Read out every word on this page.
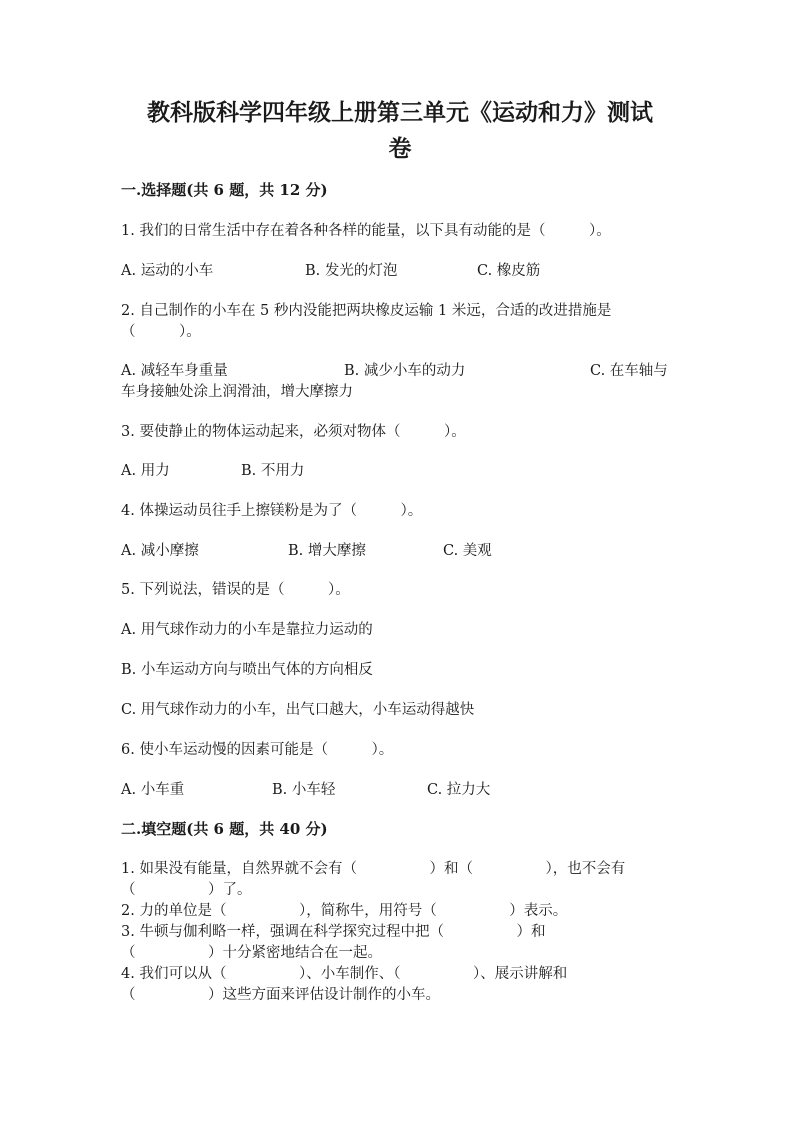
教科版科学四年级上册第三单元《运动和力》测试
卷
一.选择题(共 6 题，共 12 分)
1. 我们的日常生活中存在着各种各样的能量，以下具有动能的是（　　　）。
A. 运动的小车	B. 发光的灯泡	C. 橡皮筋
2. 自己制作的小车在 5 秒内没能把两块橡皮运输 1 米远，合适的改进措施是
（　　　）。
A. 减轻车身重量	B. 减少小车的动力	C. 在车轴与
车身接触处涂上润滑油，增大摩擦力
3. 要使静止的物体运动起来，必须对物体（　　　）。
A. 用力	B. 不用力
4. 体操运动员往手上擦镁粉是为了（　　　）。
A. 减小摩擦	B. 增大摩擦	C. 美观
5. 下列说法，错误的是（　　　）。
A. 用气球作动力的小车是靠拉力运动的
B. 小车运动方向与喷出气体的方向相反
C. 用气球作动力的小车，出气口越大，小车运动得越快
6. 使小车运动慢的因素可能是（　　　）。
A. 小车重	B. 小车轻	C. 拉力大
二.填空题(共 6 题，共 40 分)
1. 如果没有能量，自然界就不会有（　　　　　）和（　　　　　），也不会有
（　　　　　）了。
2. 力的单位是（　　　　　），简称牛，用符号（　　　　　）表示。
3. 牛顿与伽利略一样，强调在科学探究过程中把（　　　　　）和
（　　　　　）十分紧密地结合在一起。
4. 我们可以从（　　　　　）、小车制作、（　　　　　）、展示讲解和
（　　　　　）这些方面来评估设计制作的小车。
